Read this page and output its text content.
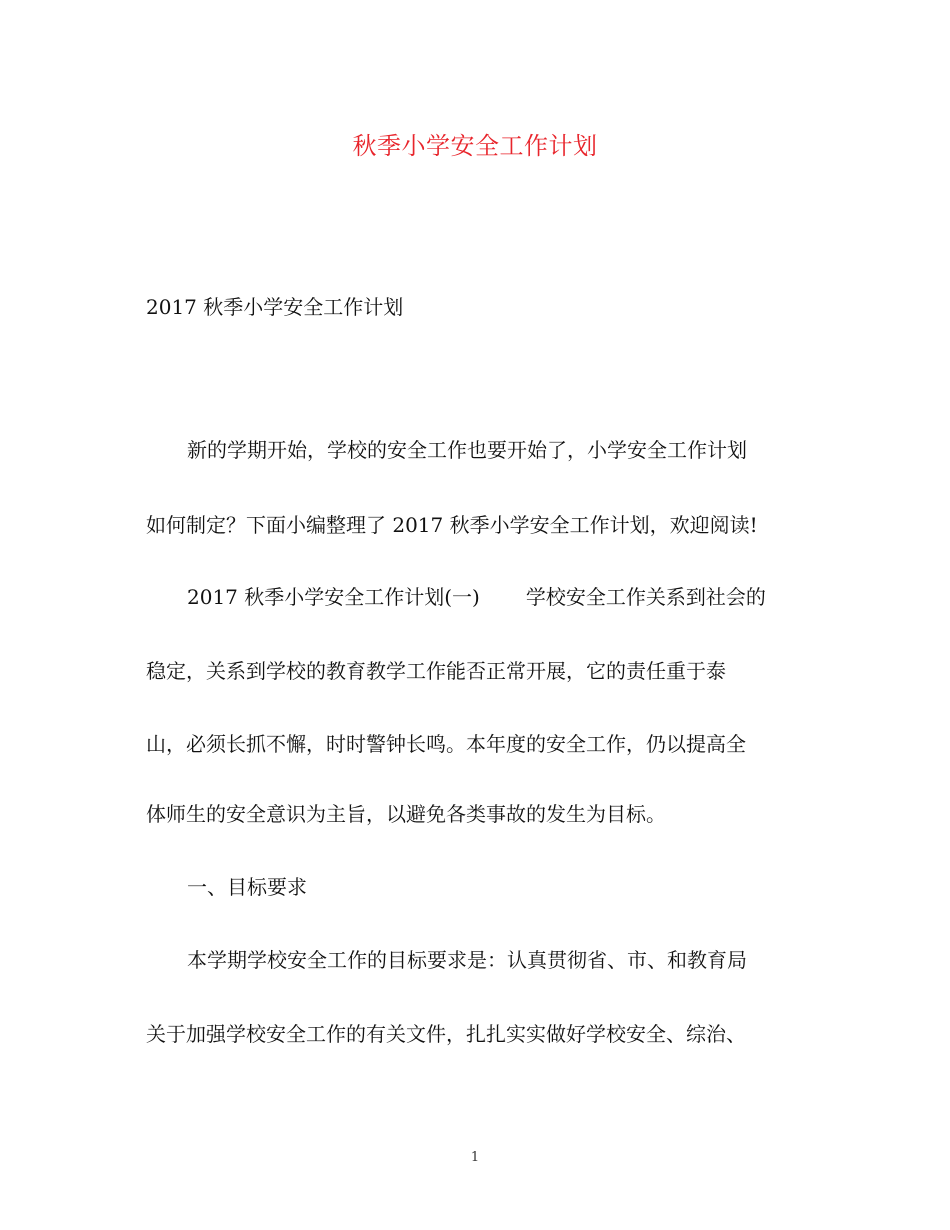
秋季小学安全工作计划
2017 秋季小学安全工作计划
新的学期开始，学校的安全工作也要开始了，小学安全工作计划
如何制定？下面小编整理了 2017 秋季小学安全工作计划，欢迎阅读!
2017 秋季小学安全工作计划(一) 学校安全工作关系到社会的
稳定，关系到学校的教育教学工作能否正常开展，它的责任重于泰
山，必须长抓不懈，时时警钟长鸣。本年度的安全工作，仍以提高全
体师生的安全意识为主旨，以避免各类事故的发生为目标。
一、目标要求
本学期学校安全工作的目标要求是：认真贯彻省、市、和教育局
关于加强学校安全工作的有关文件，扎扎实实做好学校安全、综治、
1
